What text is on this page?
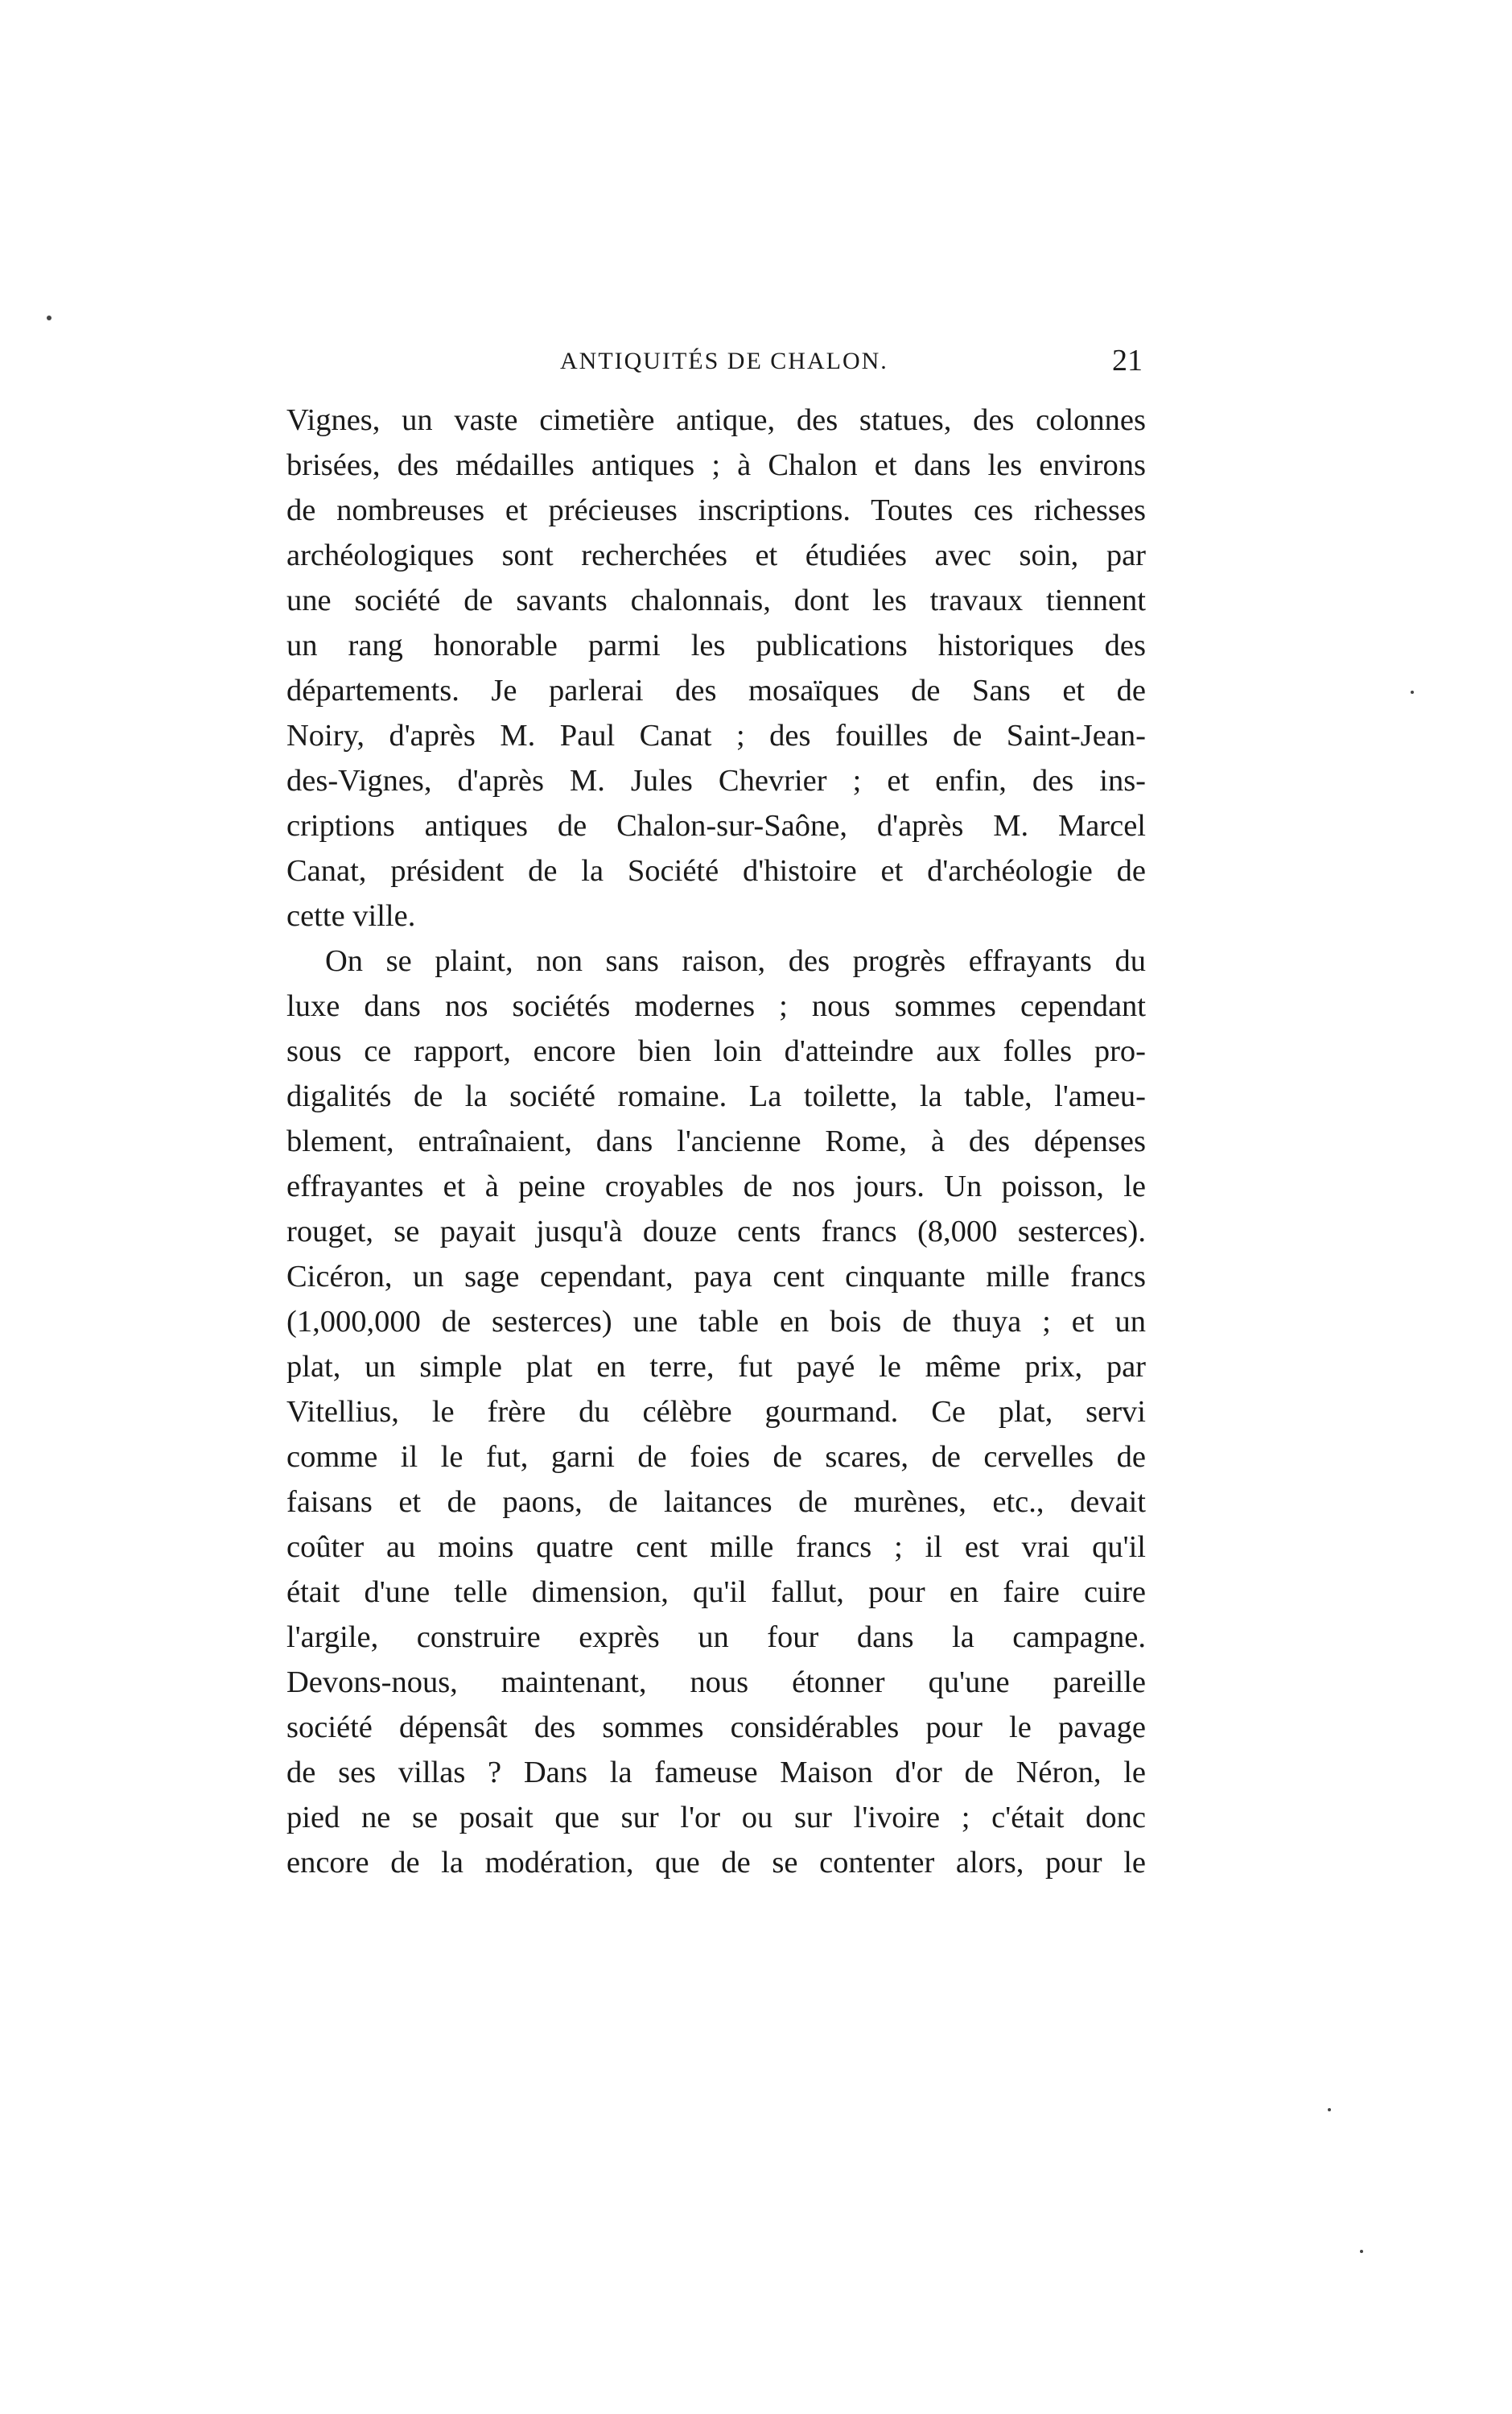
ANTIQUITÉS DE CHALON.	21
Vignes, un vaste cimetière antique, des statues, des colonnes
brisées, des médailles antiques ; à Chalon et dans les environs
de nombreuses et précieuses inscriptions. Toutes ces richesses
archéologiques sont recherchées et étudiées avec soin, par
une société de savants chalonnais, dont les travaux tiennent
un rang honorable parmi les publications historiques des
départements. Je parlerai des mosaïques de Sans et de
Noiry, d'après M. Paul Canat ; des fouilles de Saint-Jean-
des-Vignes, d'après M. Jules Chevrier ; et enfin, des ins-
criptions antiques de Chalon-sur-Saône, d'après M. Marcel
Canat, président de la Société d'histoire et d'archéologie de
cette ville.
On se plaint, non sans raison, des progrès effrayants du
luxe dans nos sociétés modernes ; nous sommes cependant
sous ce rapport, encore bien loin d'atteindre aux folles pro-
digalités de la société romaine. La toilette, la table, l'ameu-
blement, entraînaient, dans l'ancienne Rome, à des dépenses
effrayantes et à peine croyables de nos jours. Un poisson, le
rouget, se payait jusqu'à douze cents francs (8,000 sesterces).
Cicéron, un sage cependant, paya cent cinquante mille francs
(1,000,000 de sesterces) une table en bois de thuya ; et un
plat, un simple plat en terre, fut payé le même prix, par
Vitellius, le frère du célèbre gourmand. Ce plat, servi
comme il le fut, garni de foies de scares, de cervelles de
faisans et de paons, de laitances de murènes, etc., devait
coûter au moins quatre cent mille francs ; il est vrai qu'il
était d'une telle dimension, qu'il fallut, pour en faire cuire
l'argile, construire exprès un four dans la campagne.
Devons-nous, maintenant, nous étonner qu'une pareille
société dépensât des sommes considérables pour le pavage
de ses villas ? Dans la fameuse Maison d'or de Néron, le
pied ne se posait que sur l'or ou sur l'ivoire ; c'était donc
encore de la modération, que de se contenter alors, pour le
